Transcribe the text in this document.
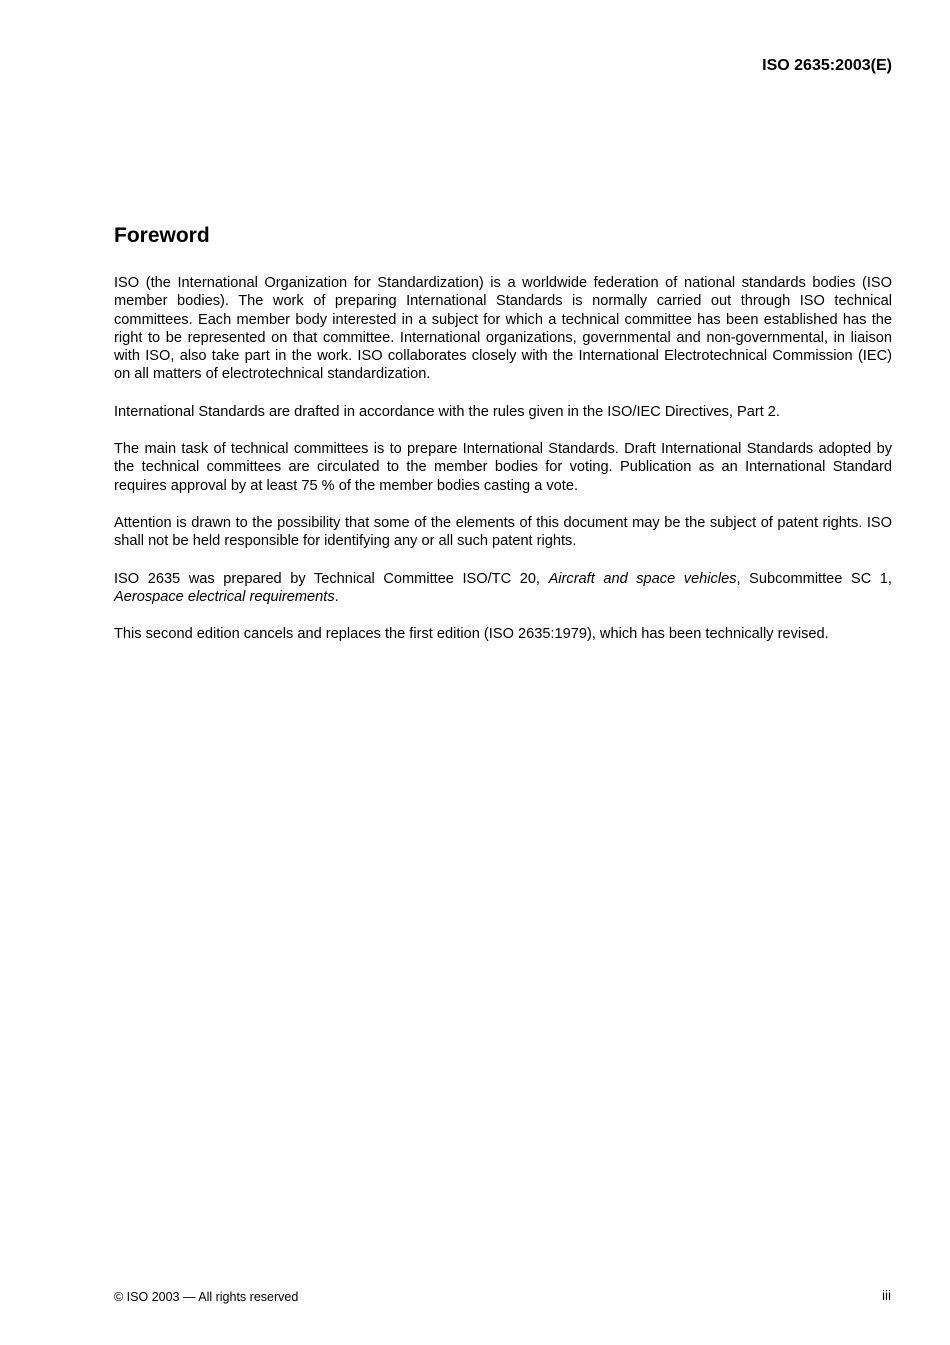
ISO 2635:2003(E)

Foreword

ISO (the International Organization for Standardization) is a worldwide federation of national standards bodies (ISO member bodies). The work of preparing International Standards is normally carried out through ISO technical committees. Each member body interested in a subject for which a technical committee has been established has the right to be represented on that committee. International organizations, governmental and non-governmental, in liaison with ISO, also take part in the work. ISO collaborates closely with the International Electrotechnical Commission (IEC) on all matters of electrotechnical standardization.

International Standards are drafted in accordance with the rules given in the ISO/IEC Directives, Part 2.

The main task of technical committees is to prepare International Standards. Draft International Standards adopted by the technical committees are circulated to the member bodies for voting. Publication as an International Standard requires approval by at least 75 % of the member bodies casting a vote.

Attention is drawn to the possibility that some of the elements of this document may be the subject of patent rights. ISO shall not be held responsible for identifying any or all such patent rights.

ISO 2635 was prepared by Technical Committee ISO/TC 20, Aircraft and space vehicles, Subcommittee SC 1, Aerospace electrical requirements.

This second edition cancels and replaces the first edition (ISO 2635:1979), which has been technically revised.

© ISO 2003 — All rights reserved	iii
